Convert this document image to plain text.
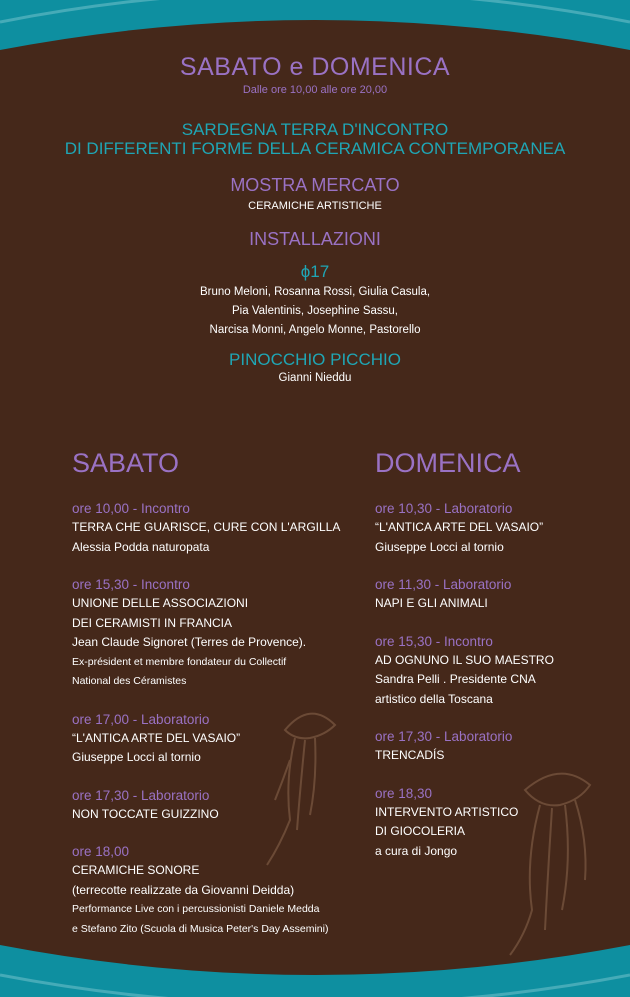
SABATO e DOMENICA

Dalle ore 10,00 alle ore 20,00

SARDEGNA TERRA D'INCONTRO

DI DIFFERENTI FORME DELLA CERAMICA CONTEMPORANEA

MOSTRA MERCATO

CERAMICHE ARTISTICHE

INSTALLAZIONI

ϕ17

Bruno Meloni, Rosanna Rossi, Giulia Casula,

Pia Valentinis, Josephine Sassu,

Narcisa Monni, Angelo Monne, Pastorello

PINOCCHIO PICCHIO

Gianni Nieddu

SABATO

ore 10,00 - Incontro

TERRA CHE GUARISCE, CURE CON L'ARGILLA

Alessia Podda naturopata

ore 15,30 - Incontro

UNIONE DELLE ASSOCIAZIONI

DEI CERAMISTI IN FRANCIA

Jean Claude Signoret (Terres de Provence).

Ex-président et membre fondateur du Collectif

National des Céramistes

ore 17,00 - Laboratorio

“L'ANTICA ARTE DEL VASAIO”

Giuseppe Locci al tornio

ore 17,30 - Laboratorio

NON TOCCATE GUIZZINO

ore 18,00

CERAMICHE SONORE

(terrecotte realizzate da Giovanni Deidda)

Performance Live con i percussionisti Daniele Medda

e Stefano Zito (Scuola di Musica Peter's Day Assemini)

DOMENICA

ore 10,30 - Laboratorio

“L'ANTICA ARTE DEL VASAIO”

Giuseppe Locci al tornio

ore 11,30 - Laboratorio

NAPI E GLI ANIMALI

ore 15,30 - Incontro

AD OGNUNO IL SUO MAESTRO

Sandra Pelli . Presidente CNA

artistico della Toscana

ore 17,30 - Laboratorio

TRENCADÍS

ore 18,30

INTERVENTO ARTISTICO

DI GIOCOLERIA

a cura di Jongo
